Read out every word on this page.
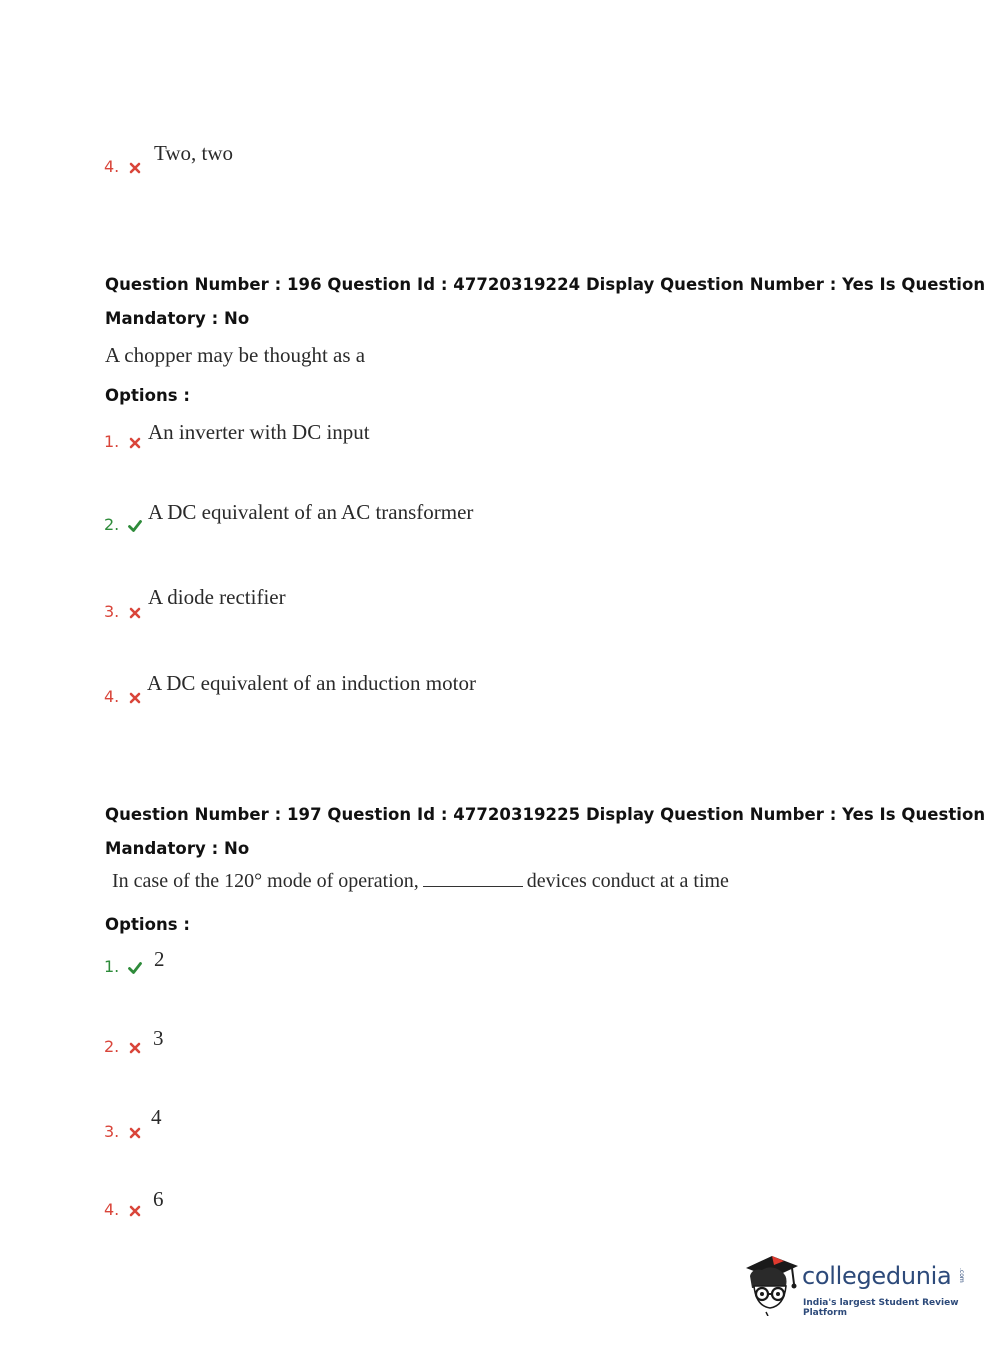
4.
Two, two
Question Number : 196 Question Id : 47720319224 Display Question Number : Yes Is Question
Mandatory : No
A chopper may be thought as a
Options :
1.	An inverter with DC input
2.
A DC equivalent of an AC transformer
3.
A diode rectifier
4.
A DC equivalent of an induction motor
Question Number : 197 Question Id : 47720319225 Display Question Number : Yes Is Question
Mandatory : No
In case of the 120° mode of operation,	devices conduct at a time
Options :
1.	2
2.	3
3.
4
4.	6
collegedunia .com
India's largest Student Review Platform
